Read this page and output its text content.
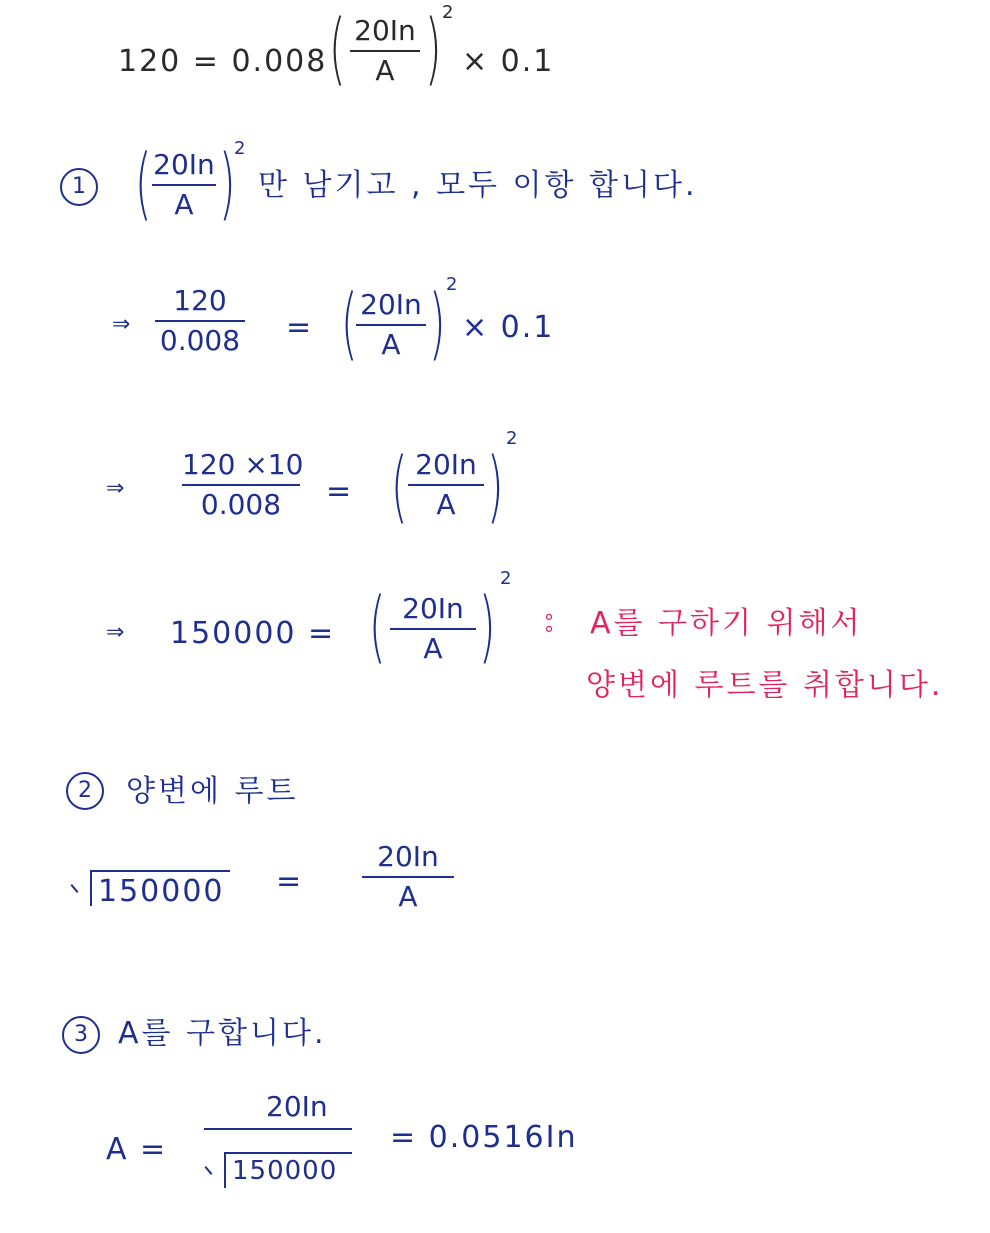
120 = 0.008 ( 20In
A ) 2
× 0.1
1 ( 20In
A )
2
만 남기고 , 모두 이항 합니다.
⇒
120
0.008 = ( 20In
A ) 2
× 0.1
⇒
120 ×10
0.008	= ( 20In
A )
2
⇒ 150000 = ( 20In
A )
2
°° A를 구하기 위해서
양변에 루트를 취합니다.
2	양변에 루트
150000 =
20In
A
3	A를 구합니다.
A =
20In
150000
= 0.0516In
